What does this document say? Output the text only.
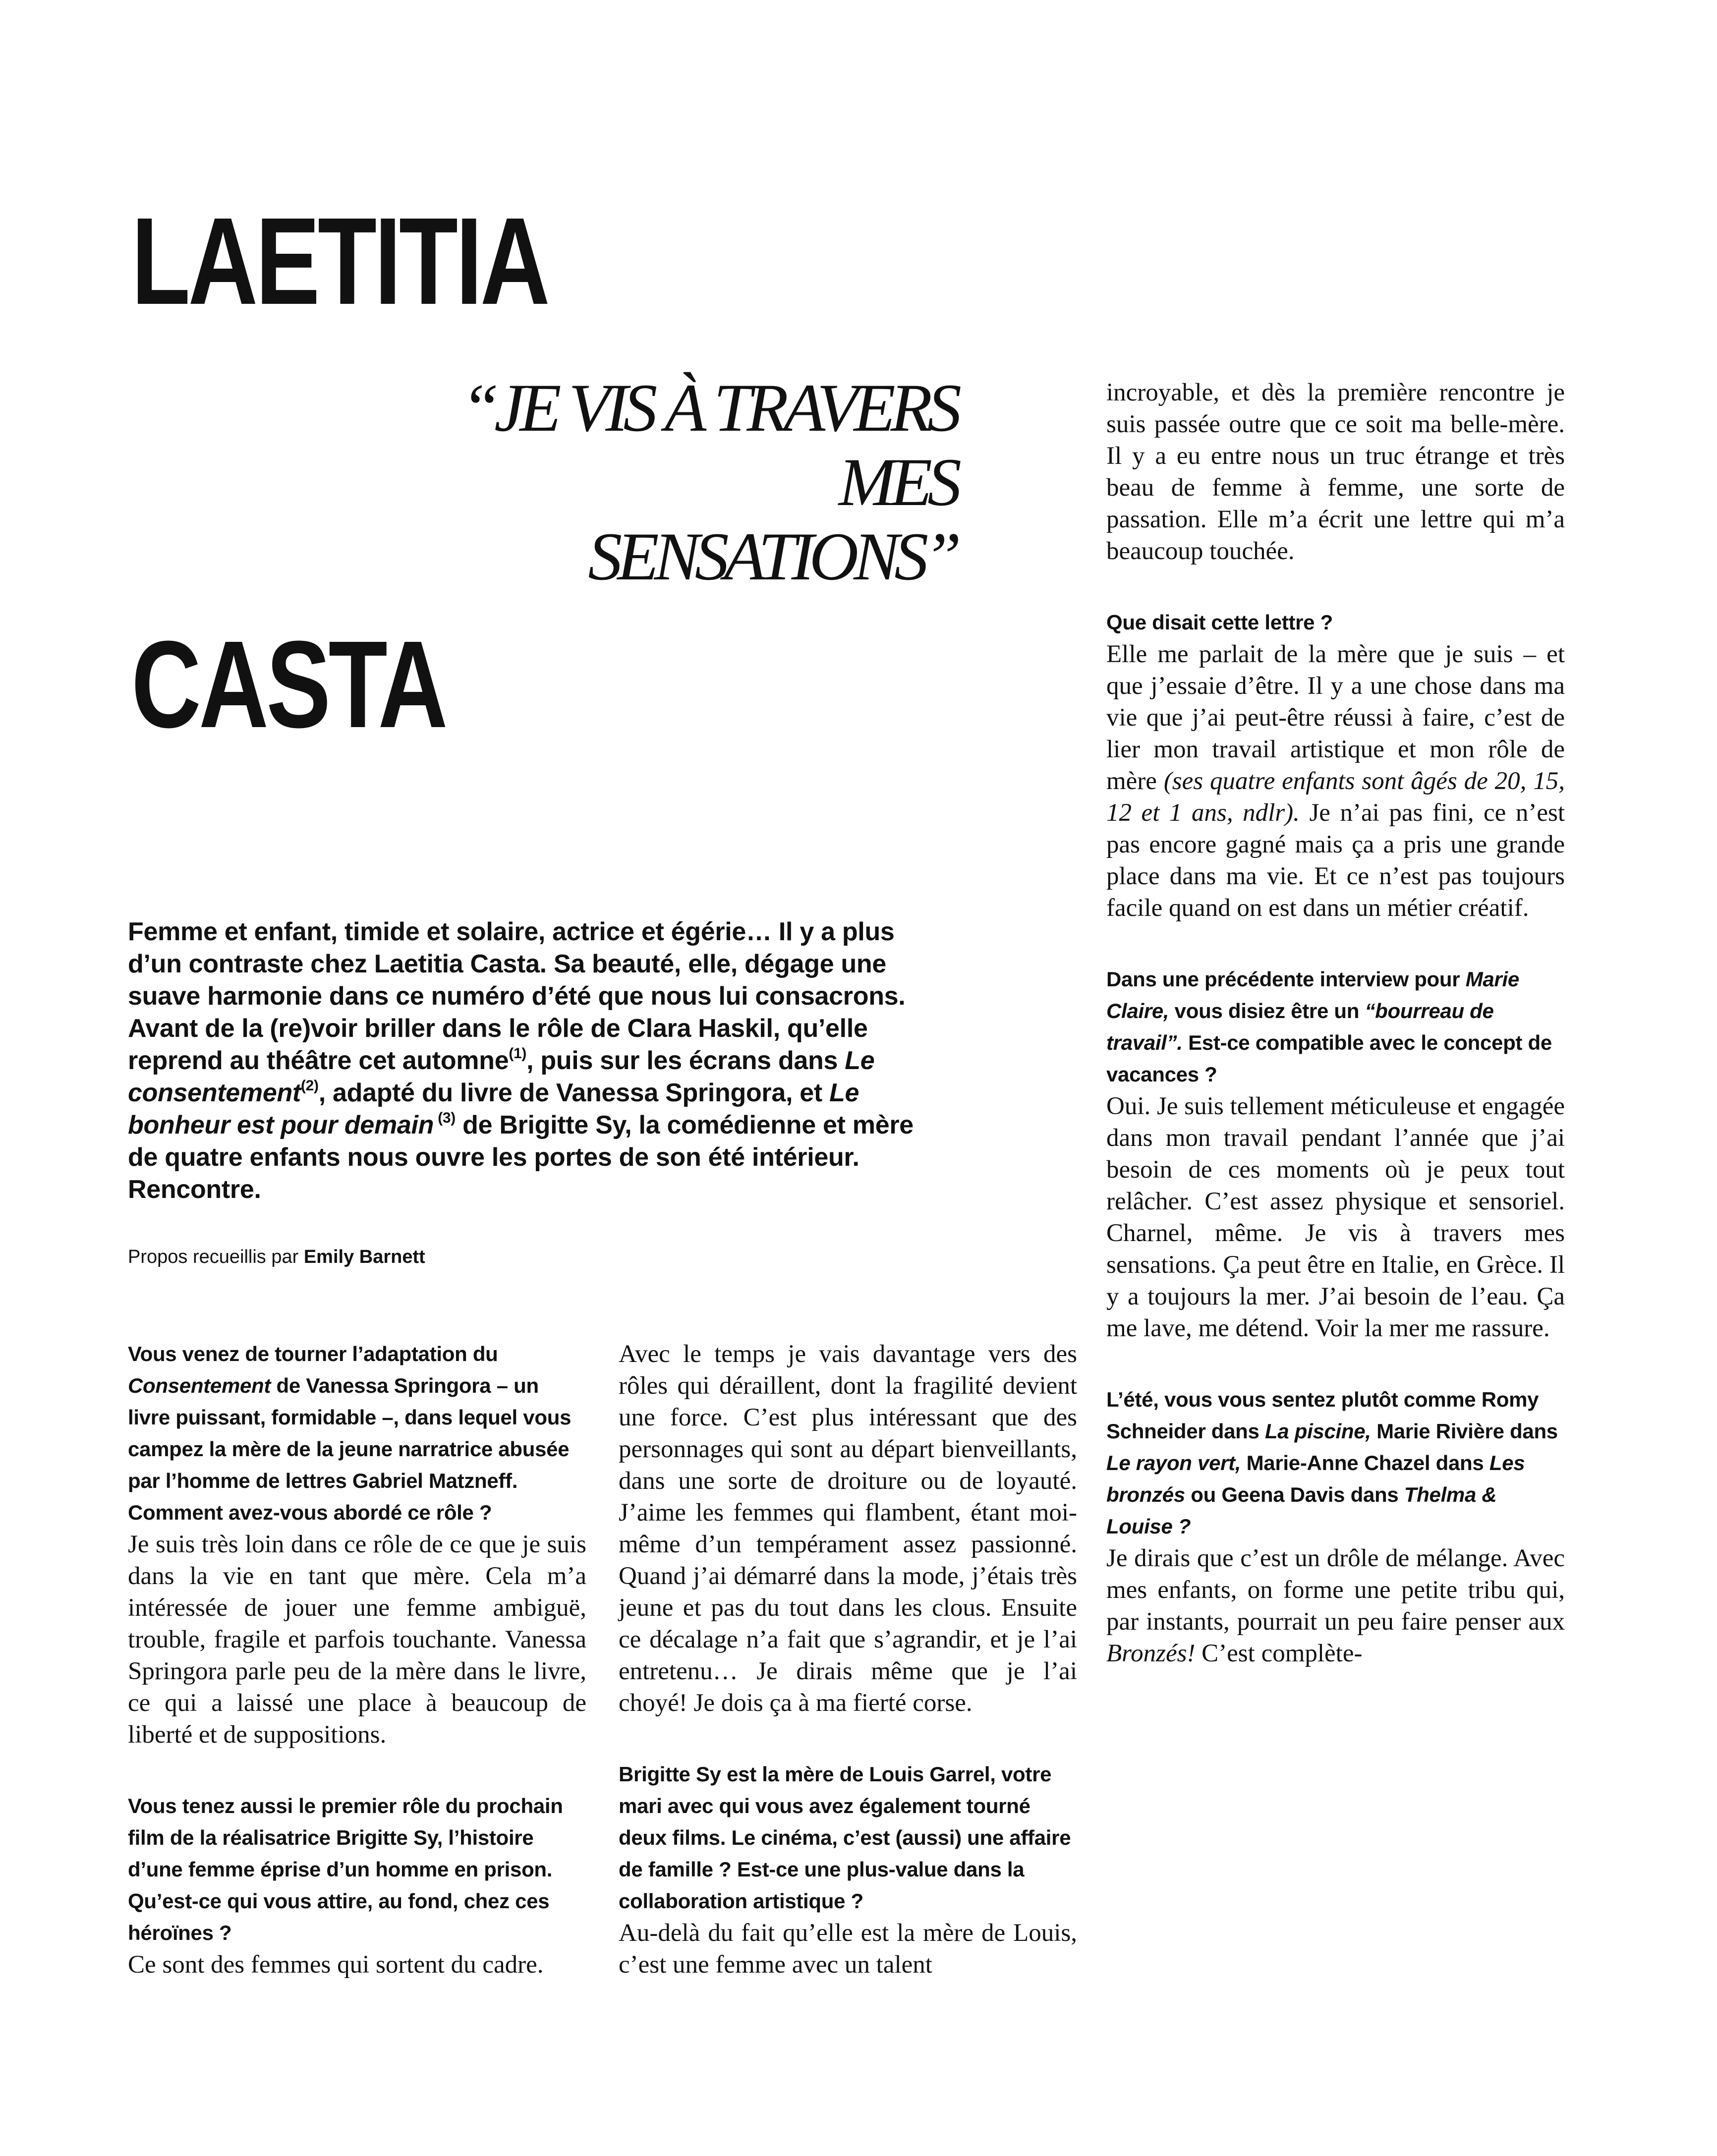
LAETITIA
“JE VIS À TRAVERS
MES
SENSATIONS”
CASTA

Femme et enfant, timide et solaire, actrice et égérie… Il y a plus d’un contraste chez Laetitia Casta. Sa beauté, elle, dégage une suave harmonie dans ce numéro d’été que nous lui consacrons. Avant de la (re)voir briller dans le rôle de Clara Haskil, qu’elle reprend au théâtre cet automne$^{(1)}$, puis sur les écrans dans Le consentement$^{(2)}$, adapté du livre de Vanessa Springora, et Le bonheur est pour demain $^{(3)}$ de Brigitte Sy, la comédienne et mère de quatre enfants nous ouvre les portes de son été intérieur. Rencontre.

Propos recueillis par Emily Barnett

Vous venez de tourner l’adaptation du Consentement de Vanessa Springora – un livre puissant, formidable –, dans lequel vous campez la mère de la jeune narratrice abusée par l’homme de lettres Gabriel Matzneff. Comment avez-vous abordé ce rôle ?

Je suis très loin dans ce rôle de ce que je suis dans la vie en tant que mère. Cela m’a intéressée de jouer une femme ambiguë, trouble, fragile et parfois touchante. Vanessa Springora parle peu de la mère dans le livre, ce qui a laissé une place à beaucoup de liberté et de suppositions.

Vous tenez aussi le premier rôle du prochain film de la réalisatrice Brigitte Sy, l’histoire d’une femme éprise d’un homme en prison. Qu’est-ce qui vous attire, au fond, chez ces héroïnes ?

Ce sont des femmes qui sortent du cadre.

Avec le temps je vais davantage vers des rôles qui déraillent, dont la fragilité devient une force. C’est plus intéressant que des personnages qui sont au départ bienveillants, dans une sorte de droiture ou de loyauté. J’aime les femmes qui flambent, étant moi-même d’un tempérament assez passionné. Quand j’ai démarré dans la mode, j’étais très jeune et pas du tout dans les clous. Ensuite ce décalage n’a fait que s’agrandir, et je l’ai entretenu… Je dirais même que je l’ai choyé! Je dois ça à ma fierté corse.

Brigitte Sy est la mère de Louis Garrel, votre mari avec qui vous avez également tourné deux films. Le cinéma, c’est (aussi) une affaire de famille ? Est-ce une plus-value dans la collaboration artistique ?

Au-delà du fait qu’elle est la mère de Louis, c’est une femme avec un talent

incroyable, et dès la première rencontre je suis passée outre que ce soit ma belle-mère. Il y a eu entre nous un truc étrange et très beau de femme à femme, une sorte de passation. Elle m’a écrit une lettre qui m’a beaucoup touchée.

Que disait cette lettre ?

Elle me parlait de la mère que je suis – et que j’essaie d’être. Il y a une chose dans ma vie que j’ai peut-être réussi à faire, c’est de lier mon travail artistique et mon rôle de mère (ses quatre enfants sont âgés de 20, 15, 12 et 1 ans, ndlr). Je n’ai pas fini, ce n’est pas encore gagné mais ça a pris une grande place dans ma vie. Et ce n’est pas toujours facile quand on est dans un métier créatif.

Dans une précédente interview pour Marie Claire, vous disiez être un “bourreau de travail”. Est-ce compatible avec le concept de vacances ?

Oui. Je suis tellement méticuleuse et engagée dans mon travail pendant l’année que j’ai besoin de ces moments où je peux tout relâcher. C’est assez physique et sensoriel. Charnel, même. Je vis à travers mes sensations. Ça peut être en Italie, en Grèce. Il y a toujours la mer. J’ai besoin de l’eau. Ça me lave, me détend. Voir la mer me rassure.

L’été, vous vous sentez plutôt comme Romy Schneider dans La piscine, Marie Rivière dans Le rayon vert, Marie-Anne Chazel dans Les bronzés ou Geena Davis dans Thelma & Louise ?

Je dirais que c’est un drôle de mélange. Avec mes enfants, on forme une petite tribu qui, par instants, pourrait un peu faire penser aux Bronzés! C’est complète-
